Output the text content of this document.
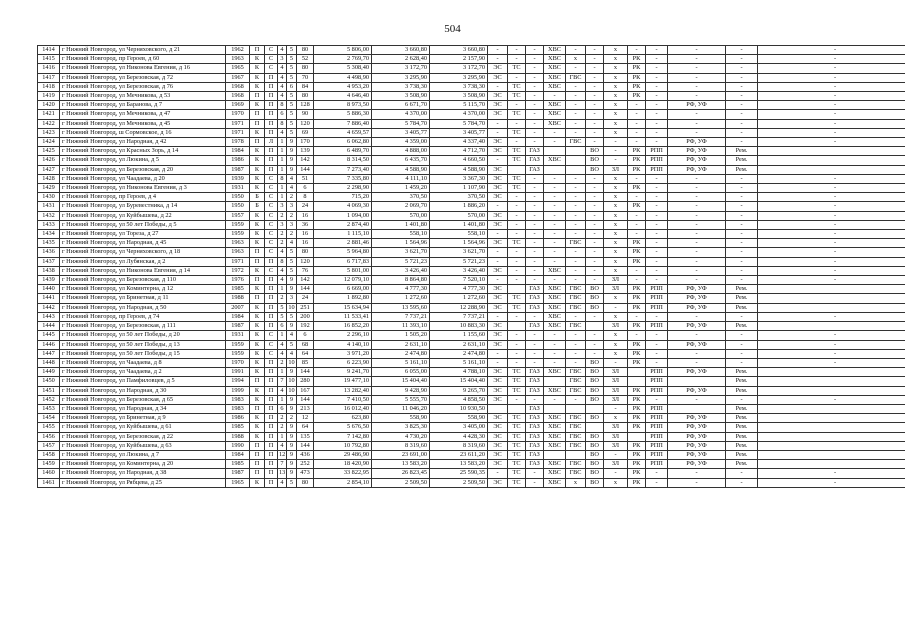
504
1414	г Нижний Новгород, ул Черняховского, д 21	1962	П	С	4	5	80	5 806,00	3 660,80	3 660,80	-	-	-	ХВС	-	-	х	-	-	-	-	-
1415	г Нижний Новгород, пр Героев, д 60	1963	К	С	3	5	52	2 769,70	2 628,40	2 157,90	-	-	-	ХВС	х	-	х	РК	-	-	-	-
1416	г Нижний Новгород, ул Никонова Евгения, д 16	1965	К	С	4	5	80	5 308,40	3 172,70	3 172,70	ЭС	ТС	-	ХВС	-	-	х	РК	-	-	-	-
1417	г Нижний Новгород, ул Березовская, д 72	1967	К	П	4	5	70	4 498,90	3 295,90	3 295,90	ЭС	-	-	ХВС	ГВС	-	х	РК	-	-	-	-
1418	г Нижний Новгород, ул Березовская, д 76	1968	К	П	4	6	84	4 953,20	3 738,30	3 738,30	-	ТС	-	ХВС	-	-	х	РК	-	-	-	-
1419	г Нижний Новгород, ул Мечникова, д 53	1968	П	П	4	5	80	4 646,40	3 508,90	3 508,90	ЭС	ТС	-	-	-	-	х	РК	-	-	-	-
1420	г Нижний Новгород, ул Баранова, д 7	1969	К	П	8	5	128	8 973,50	6 671,70	5 115,70	ЭС	-	-	ХВС	-	-	х	-	-	РФ, УФ	-	-
1421	г Нижний Новгород, ул Мечникова, д 47	1970	П	П	6	5	90	5 886,30	4 370,00	4 370,00	ЭС	ТС	-	ХВС	-	-	х	-	-	-	-	-
1422	г Нижний Новгород, ул Мечникова, д 45	1971	П	П	8	5	120	7 886,40	5 784,70	5 784,70	-	-	-	ХВС	-	-	х	-	-	-	-	-
1423	г Нижний Новгород, ш Сормовское, д 16	1971	К	П	4	5	69	4 659,57	3 405,77	3 405,77	-	ТС	-	-	-	-	х	-	-	-	-	-
1424	г Нижний Новгород, ул Народная, д 42	1978	П	Л	1	9	170	6 062,80	4 359,00	4 337,40	ЭС	-	-	-	ГВС	-	-	-	-	РФ, УФ	-	-
1425	г Нижний Новгород, ул Красных Зорь, д 14	1984	К	П	1	9	139	6 489,70	4 888,00	4 712,70	ЭС	ТС	ГАЗ			ВО	-	РК	РПП	РФ, УФ	Рем.	
1426	г Нижний Новгород, ул Люкина, д 5	1986	К	П	1	9	142	8 314,50	6 435,70	4 660,50	-	ТС	ГАЗ	ХВС		ВО	-	РК	РПП	РФ, УФ	Рем.	
1427	г Нижний Новгород, ул Березовская, д 20	1987	К	П	1	9	144	7 273,40	4 588,90	4 588,90	ЭС		ГАЗ			ВО	ЗЛ	РК	РПП	РФ, УФ	Рем.	
1428	г Нижний Новгород, ул Чаадаева, д 20	1939	К	С	8	4	51	7 335,80	4 111,10	3 367,30	ЭС	ТС	-	-	-	-	х	-	-	-	-	-
1429	г Нижний Новгород, ул Никонова Евгения, д 3	1931	К	С	1	4	6	2 298,90	1 459,20	1 107,90	ЭС	ТС	-	-	-	-	х	РК	-	-	-	-
1430	г Нижний Новгород, пр Героев, д 4	1950	Б	С	1	2	8	715,20	370,50	370,50	ЭС	-	-	-	-	-	х	-	-	-	-	-
1431	г Нижний Новгород, ул Буревестника, д 14	1950	Б	С	3	3	24	4 069,30	2 069,70	1 886,20	-	-	-	-	-	-	х	РК	-	-	-	-
1432	г Нижний Новгород, ул Куйбышева, д 22	1957	К	С	2	2	16	1 094,00	570,00	570,00	ЭС	-	-	-	-	-	х	-	-	-	-	-
1433	г Нижний Новгород, ул 50 лет Победы, д 5	1959	К	С	3	3	36	2 874,40	1 401,80	1 401,80	ЭС	-	-	-	-	-	х	-	-	-	-	-
1434	г Нижний Новгород, ул Тореза, д 27	1959	К	С	2	2	16	1 115,10	558,10	558,10	-	-	-	-	-	-	х	-	-	-	-	-
1435	г Нижний Новгород, ул Народная, д 45	1963	К	С	2	4	16	2 881,46	1 564,96	1 564,96	ЭС	ТС	-	-	ГВС	-	х	РК	-	-	-	-
1436	г Нижний Новгород, ул Черняховского, д 18	1963	П	С	4	5	80	5 964,80	3 621,70	3 621,70	-	-	-	-	-	-	х	РК	-	-	-	-
1437	г Нижний Новгород, ул Лубянская, д 2	1971	П	П	8	5	120	6 717,83	5 721,23	5 721,23	-	-	-	-	-	-	х	РК	-	-	-	-
1438	г Нижний Новгород, ул Никонова Евгения, д 14	1972	К	С	4	5	76	5 801,00	3 426,40	3 426,40	ЭС	-	-	ХВС	-	-	х	-	-	-	-	-
1439	г Нижний Новгород, ул Березовская, д 110	1976	П	П	4	9	142	12 079,10	8 864,80	7 520,10	-	-	-	-	-	-	ЗЛ	-	-	-	-	-
1440	г Нижний Новгород, ул Коминтерна, д 12	1985	К	П	1	9	144	6 669,00	4 777,30	4 777,30	ЭС		ГАЗ	ХВС	ГВС	ВО	ЗЛ	РК	РПП	РФ, УФ	Рем.	
1441	г Нижний Новгород, ул Бринетная, д 11	1988	П	П	2	3	24	1 892,80	1 272,60	1 272,60	ЭС	ТС	ГАЗ	ХВС	ГВС	ВО	х	РК	РПП	РФ, УФ	Рем.	
1442	г Нижний Новгород, ул Народная, д 50	2007	К	П	5	10	251	15 634,94	13 595,60	12 288,90	ЭС	ТС	ГАЗ	ХВС	ГВС	ВО	-	РК	РПП	РФ, УФ	Рем.	
1443	г Нижний Новгород, пр Героев, д 74	1984	К	П	5	5	200	11 533,41	7 737,21	7 737,21	-	-	-	ХВС	-	-	х	-	-	-	-	-
1444	г Нижний Новгород, ул Березовская, д 111	1987	К	П	6	9	192	16 852,20	11 393,10	10 883,30	ЭС		ГАЗ	ХВС	ГВС		ЗЛ	РК	РПП	РФ, УФ	Рем.	
1445	г Нижний Новгород, ул 50 лет Победы, д 20	1931	К	С	1	4	6	2 296,10	1 505,20	1 155,60	ЭС	-	-	-	-	-	х	-	-	-	-	-
1446	г Нижний Новгород, ул 50 лет Победы, д 13	1959	К	С	4	5	68	4 140,10	2 631,10	2 631,10	ЭС	-	-	-	-	-	х	РК	-	РФ, УФ	-	-
1447	г Нижний Новгород, ул 50 лет Победы, д 15	1959	К	С	4	4	64	3 971,20	2 474,80	2 474,80	-	-	-	-	-	-	х	РК	-	-	-	-
1448	г Нижний Новгород, ул Чаадаева, д 8	1970	К	П	2	10	85	6 223,90	5 161,10	5 161,10	-	-	-	-	-	ВО	-	РК	-	-	-	-
1449	г Нижний Новгород, ул Чаадаева, д 2	1991	К	П	1	9	144	9 241,70	6 055,00	4 788,10	ЭС	ТС	ГАЗ	ХВС	ГВС	ВО	ЗЛ		РПП	РФ, УФ	Рем.	
1450	г Нижний Новгород, ул Памфиловцев, д 5	1994	П	П	7	10	280	19 477,10	15 404,40	15 404,40	ЭС	ТС	ГАЗ		ГВС	ВО	ЗЛ		РПП		Рем.	
1451	г Нижний Новгород, ул Народная, д 30	1999	К	П	4	10	167	13 282,40	9 428,90	9 265,70	ЭС	ТС	ГАЗ	ХВС	ГВС	ВО	ЗЛ	РК	РПП	РФ, УФ	Рем.	
1452	г Нижний Новгород, ул Березовская, д 65	1983	К	П	1	9	144	7 410,50	5 555,70	4 858,50	ЭС	-	-	-	-	ВО	ЗЛ	РК	-	-	-	-
1453	г Нижний Новгород, ул Народная, д 34	1983	П	П	6	9	213	16 012,40	11 046,20	10 930,50			ГАЗ				-	РК	РПП		Рем.	
1454	г Нижний Новгород, ул Бринетная, д 9	1986	К	П	2	2	12	623,80	558,90	558,90	ЭС	ТС	ГАЗ	ХВС	ГВС	ВО	х	РК	РПП	РФ, УФ	Рем.	
1455	г Нижний Новгород, ул Куйбышева, д 61	1985	К	П	2	9	64	5 676,50	3 825,30	3 405,00	ЭС	ТС	ГАЗ	ХВС	ГВС		ЗЛ	РК	РПП	РФ, УФ	Рем.	
1456	г Нижний Новгород, ул Березовская, д 22	1988	К	П	1	9	135	7 142,80	4 730,20	4 428,30	ЭС	ТС	ГАЗ	ХВС	ГВС	ВО	ЗЛ		РПП	РФ, УФ	Рем.	
1457	г Нижний Новгород, ул Куйбышева, д 63	1990	П	П	4	9	144	10 792,80	8 319,60	8 319,60	ЭС	ТС	ГАЗ	ХВС	ГВС	ВО	ЗЛ	РК	РПП	РФ, УФ	Рем.	
1458	г Нижний Новгород, ул Люкина, д 7	1984	П	П	12	9	436	29 486,90	23 691,00	23 611,20	ЭС	ТС	ГАЗ			ВО	-	РК	РПП	РФ, УФ	Рем.	
1459	г Нижний Новгород, ул Коминтерна, д 20	1985	П	П	7	9	252	18 420,90	13 583,20	13 583,20	ЭС	ТС	ГАЗ	ХВС	ГВС	ВО	ЗЛ	РК	РПП	РФ, УФ	Рем.	
1460	г Нижний Новгород, ул Народная, д 38	1987	П	П	13	9	473	33 822,95	26 823,45	25 590,35	-	ТС	-	ХВС	ГВС	ВО	-	РК	-	-	-	-
1461	г Нижний Новгород, ул Рябцева, д 25	1965	К	П	4	5	80	2 854,10	2 509,50	2 509,50	ЭС	ТС	-	ХВС	х	ВО	х	РК	-	-	-	-
